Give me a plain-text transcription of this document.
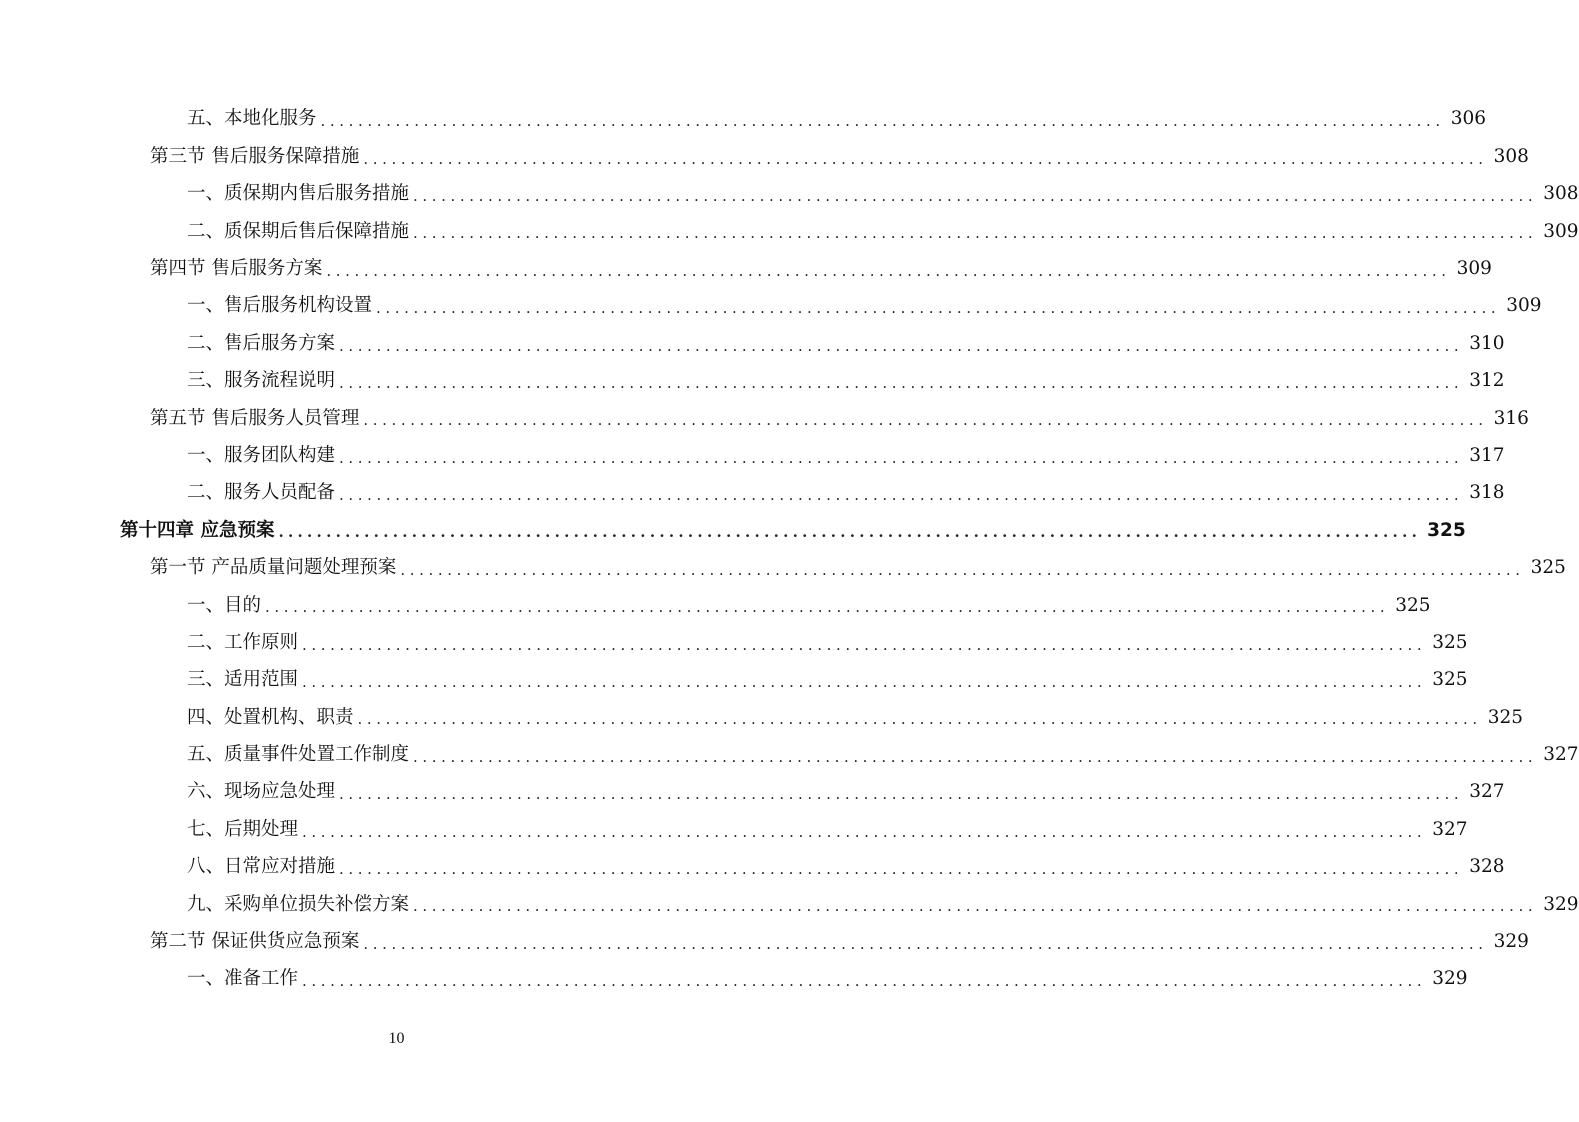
五、本地化服务 ........................................................................................................................ 306
第三节 售后服务保障措施 ........................................................................................................................ 308
一、质保期内售后服务措施 ........................................................................................................................ 308
二、质保期后售后保障措施 ........................................................................................................................ 309
第四节 售后服务方案 ........................................................................................................................ 309
一、售后服务机构设置 ........................................................................................................................ 309
二、售后服务方案 ........................................................................................................................ 310
三、服务流程说明 ........................................................................................................................ 312
第五节 售后服务人员管理 ........................................................................................................................ 316
一、服务团队构建 ........................................................................................................................ 317
二、服务人员配备 ........................................................................................................................ 318
第十四章 应急预案 ........................................................................................................................ 325
第一节 产品质量问题处理预案 ........................................................................................................................ 325
一、目的 ........................................................................................................................ 325
二、工作原则 ........................................................................................................................ 325
三、适用范围 ........................................................................................................................ 325
四、处置机构、职责 ........................................................................................................................ 325
五、质量事件处置工作制度 ........................................................................................................................ 327
六、现场应急处理 ........................................................................................................................ 327
七、后期处理 ........................................................................................................................ 327
八、日常应对措施 ........................................................................................................................ 328
九、采购单位损失补偿方案 ........................................................................................................................ 329
第二节 保证供货应急预案 ........................................................................................................................ 329
一、准备工作 ........................................................................................................................ 329
10
